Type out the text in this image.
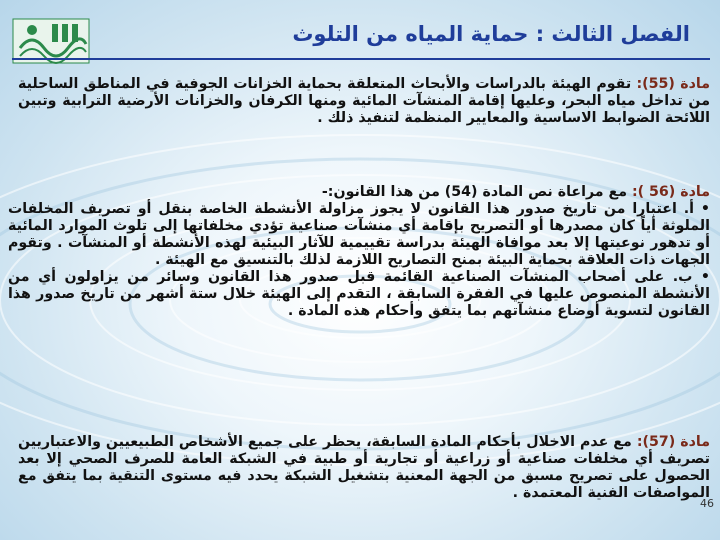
الفصل الثالث : حماية المياه من التلوث
مادة (55): تقوم الهيئة بالدراسات والأبحاث المتعلقة بحماية الخزانات الجوفية في المناطق الساحلية من تداخل مياه البحر، وعليها إقامة المنشآت المائية ومنها الكرفان والخزانات الأرضية الترابية وتبين اللائحة الضوابط الاساسية والمعايير المنظمة لتنفيذ ذلك .
مادة (56 ): مع مراعاة نص المادة (54) من هذا القانون:-
• أ. اعتبارا من تاريخ صدور هذا القانون لا يجوز مزاولة الأنشطة الخاصة بنقل أو تصريف المخلفات الملوثة أياً كان مصدرها أو التصريح بإقامة أي منشآت صناعية تؤدي مخلفاتها إلى تلوث الموارد المائية أو تدهور نوعيتها إلا بعد موافاة الهيئة بدراسة تقييمية للآثار البيئية لهذه الأنشطة أو المنشآت . وتقوم الجهات ذات العلاقة بحماية البيئة بمنح التصاريح اللازمة لذلك بالتنسيق مع الهيئة .
• ب. على أصحاب المنشآت الصناعية القائمة قبل صدور هذا القانون وسائر من يزاولون أي من الأنشطة المنصوص عليها في الفقرة السابقة ، التقدم إلى الهيئة خلال ستة أشهر من تاريخ صدور هذا القانون لتسوية أوضاع منشآتهم بما يتفق وأحكام هذه المادة .
مادة (57): مع عدم الاخلال بأحكام المادة السابقة، يحظر على جميع الأشخاص الطبيعيين والاعتباريين تصريف أي مخلفات صناعية أو زراعية أو تجارية أو طبية في الشبكة العامة للصرف الصحي إلا بعد الحصول على تصريح مسبق من الجهة المعنية بتشغيل الشبكة يحدد فيه مستوى التنقية بما يتفق مع المواصفات الفنية المعتمدة .
46
